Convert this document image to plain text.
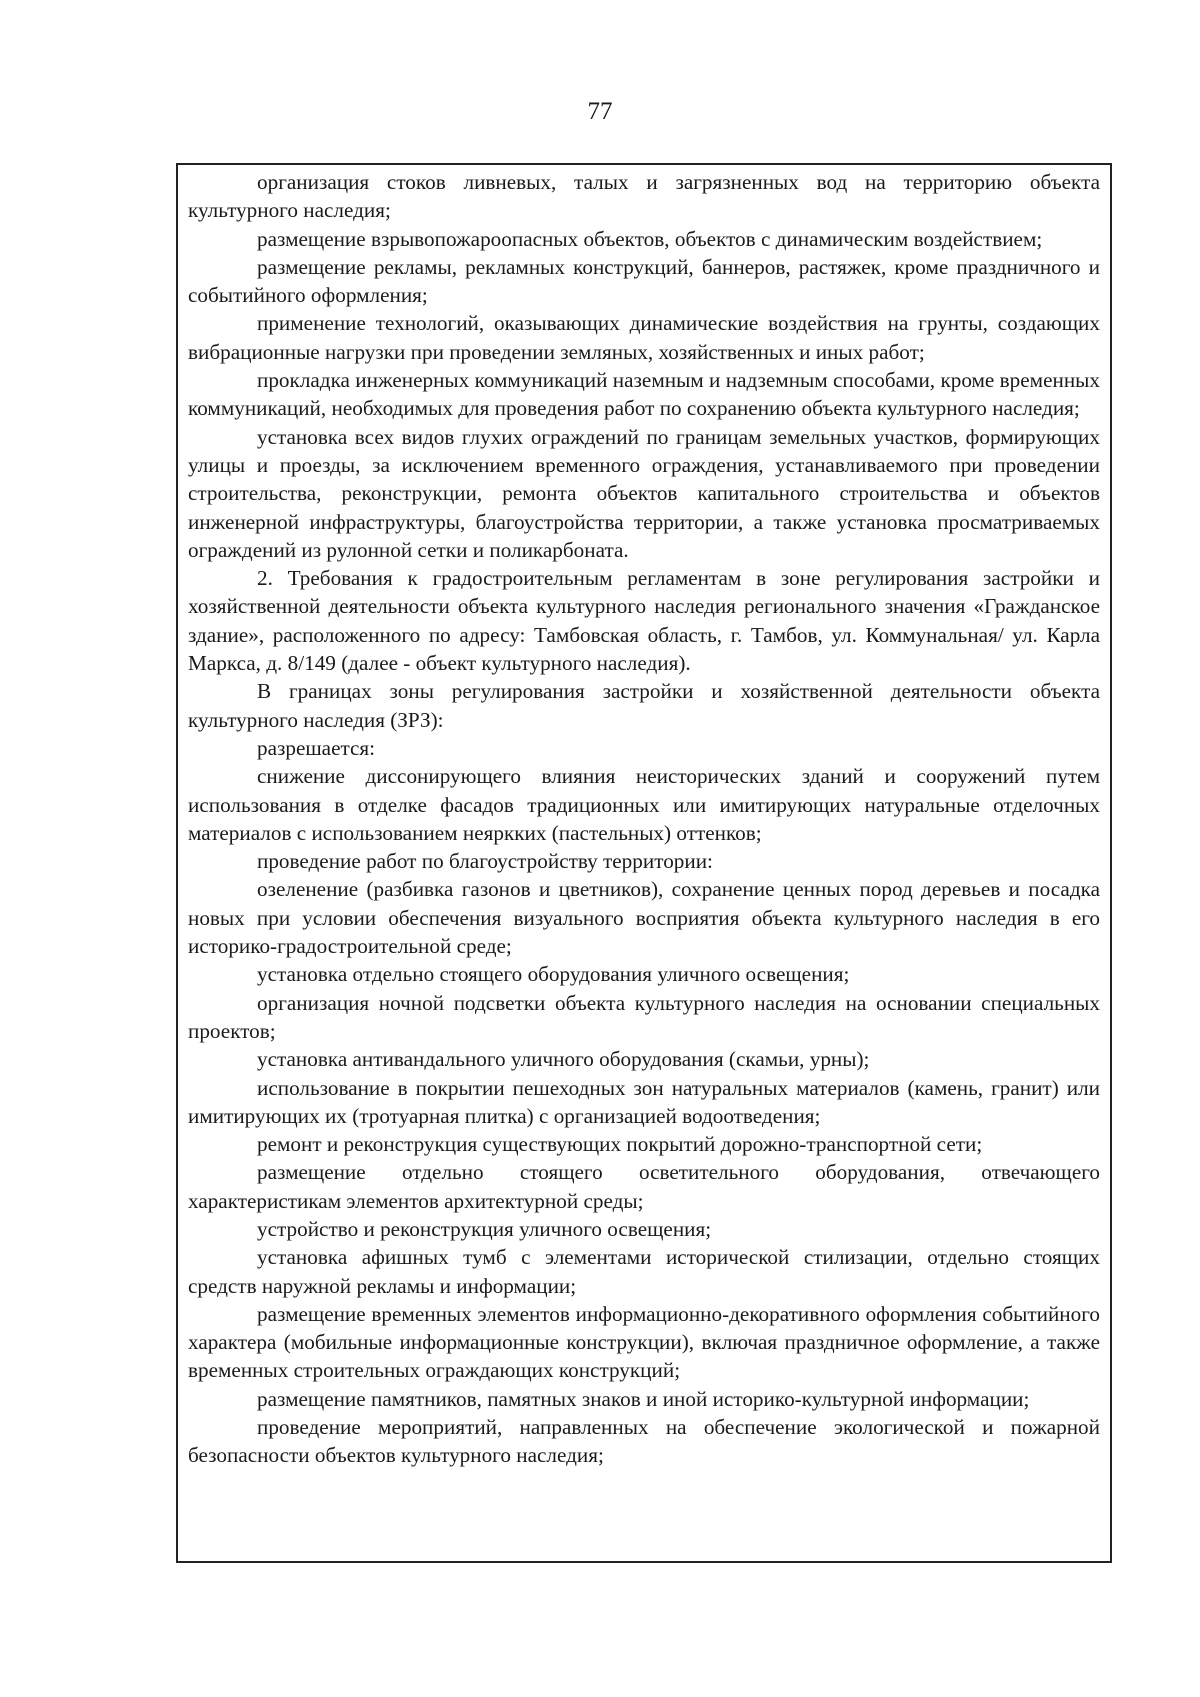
77

организация стоков ливневых, талых и загрязненных вод на территорию объекта культурного наследия;

размещение взрывопожароопасных объектов, объектов с динамическим воздействием;

размещение рекламы, рекламных конструкций, баннеров, растяжек, кроме праздничного и событийного оформления;

применение технологий, оказывающих динамические воздействия на грунты, создающих вибрационные нагрузки при проведении земляных, хозяйственных и иных работ;

прокладка инженерных коммуникаций наземным и надземным способами, кроме временных коммуникаций, необходимых для проведения работ по сохранению объекта культурного наследия;

установка всех видов глухих ограждений по границам земельных участков, формирующих улицы и проезды, за исключением временного ограждения, устанавливаемого при проведении строительства, реконструкции, ремонта объектов капитального строительства и объектов инженерной инфраструктуры, благоустройства территории, а также установка просматриваемых ограждений из рулонной сетки и поликарбоната.

2. Требования к градостроительным регламентам в зоне регулирования застройки и хозяйственной деятельности объекта культурного наследия регионального значения «Гражданское здание», расположенного по адресу: Тамбовская область, г. Тамбов, ул. Коммунальная/ ул. Карла Маркса, д. 8/149 (далее - объект культурного наследия).

В границах зоны регулирования застройки и хозяйственной деятельности объекта культурного наследия (ЗРЗ):

разрешается:

снижение диссонирующего влияния неисторических зданий и сооружений путем использования в отделке фасадов традиционных или имитирующих натуральные отделочных материалов с использованием неяркких (пастельных) оттенков;

проведение работ по благоустройству территории:

озеленение (разбивка газонов и цветников), сохранение ценных пород деревьев и посадка новых при условии обеспечения визуального восприятия объекта культурного наследия в его историко-градостроительной среде;

установка отдельно стоящего оборудования уличного освещения;

организация ночной подсветки объекта культурного наследия на основании специальных проектов;

установка антивандального уличного оборудования (скамьи, урны);

использование в покрытии пешеходных зон натуральных материалов (камень, гранит) или имитирующих их (тротуарная плитка) с организацией водоотведения;

ремонт и реконструкция существующих покрытий дорожно-транспортной сети;

размещение отдельно стоящего осветительного оборудования, отвечающего характеристикам элементов архитектурной среды;

устройство и реконструкция уличного освещения;

установка афишных тумб с элементами исторической стилизации, отдельно стоящих средств наружной рекламы и информации;

размещение временных элементов информационно-декоративного оформления событийного характера (мобильные информационные конструкции), включая праздничное оформление, а также временных строительных ограждающих конструкций;

размещение памятников, памятных знаков и иной историко-культурной информации;

проведение мероприятий, направленных на обеспечение экологической и пожарной безопасности объектов культурного наследия;
